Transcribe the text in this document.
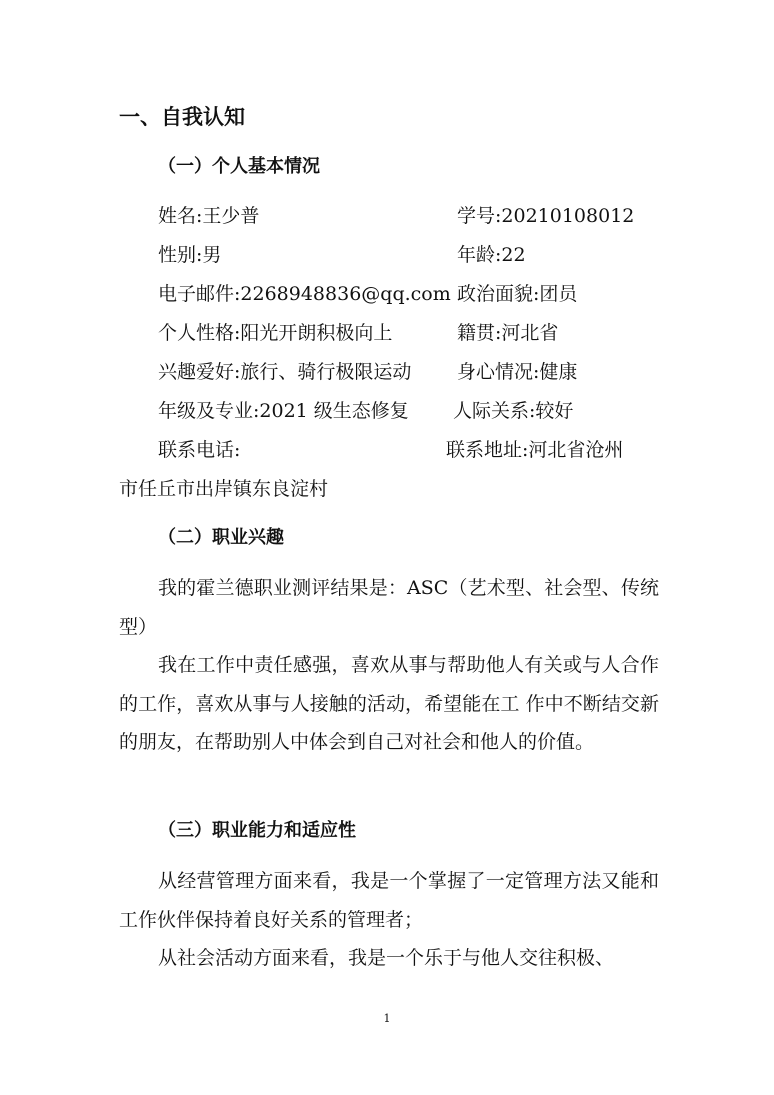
一、自我认知
（一）个人基本情况
姓名:王少普	学号:20210108012
性别:男	年龄:22
电子邮件:2268948836@qq.com 政治面貌:团员
个人性格:阳光开朗积极向上	籍贯:河北省
兴趣爱好:旅行、骑行极限运动 身心情况:健康
年级及专业:2021 级生态修复 人际关系:较好
联系电话:	联系地址:河北省沧州
市任丘市出岸镇东良淀村
（二）职业兴趣
我的霍兰德职业测评结果是：ASC（艺术型、社会型、传统型）
我在工作中责任感强，喜欢从事与帮助他人有关或与人合作的工作，喜欢从事与人接触的活动，希望能在工 作中不断结交新的朋友，在帮助别人中体会到自己对社会和他人的价值。
（三）职业能力和适应性
从经营管理方面来看，我是一个掌握了一定管理方法又能和工作伙伴保持着良好关系的管理者；
从社会活动方面来看，我是一个乐于与他人交往积极、
1
